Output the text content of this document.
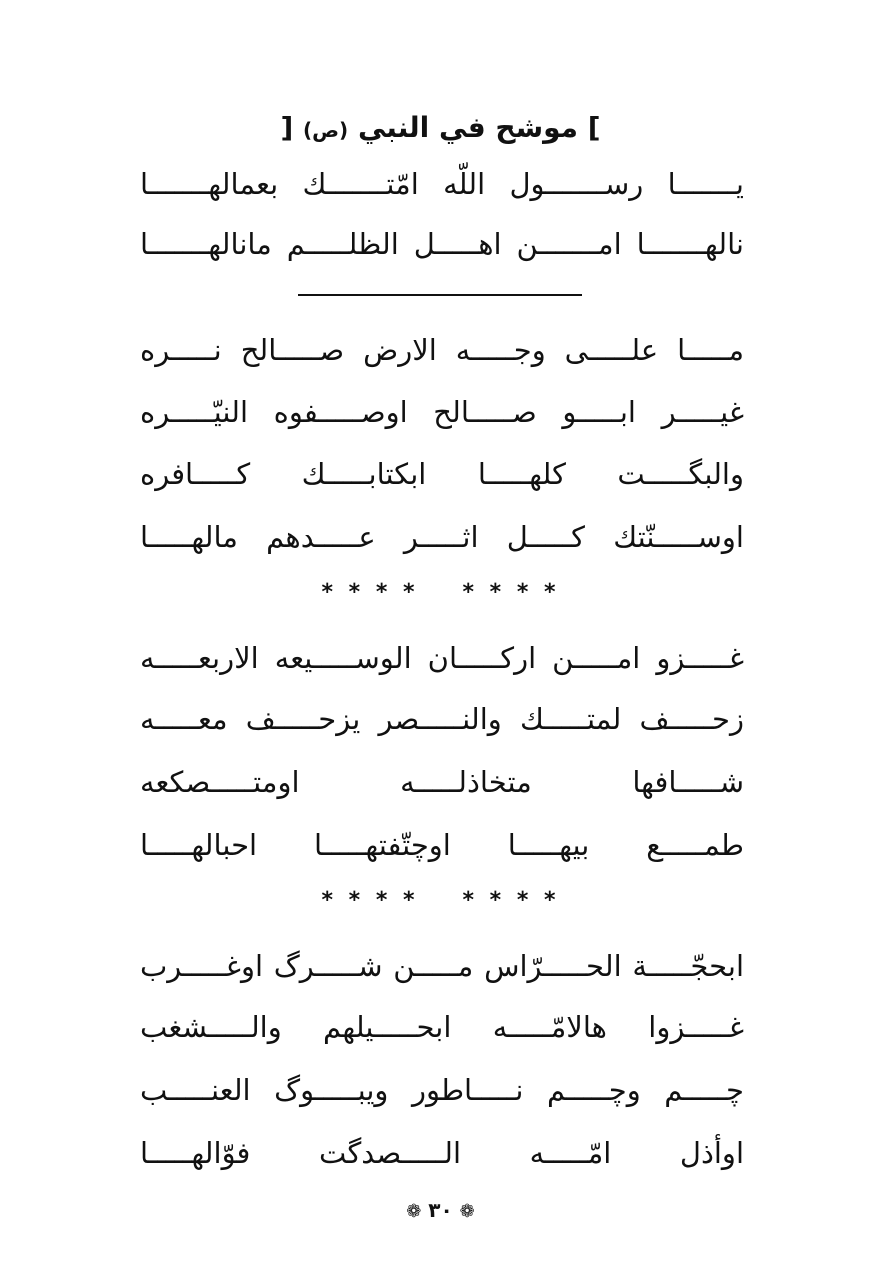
] موشح في النبي (ص) [
يـــــــا رســـــــول اللّه امّتـــــــك بعمالهـــــــا
نالهـــــــا امـــــــن اهـــــل الظلـــــم مانالهـــــــا
مـــــا علـــــى وجـــــه الارض صـــــالح نـــــره
غيـــــر ابـــــو صـــــالح اوصـــــفوه النيّـــــره
والبگـــــت كلهـــــا ابكتابـــــك كـــــافره
اوســـــنّتك كـــــل اثـــــر عـــــدهم مالهـــــا
* * * * * * * *
غـــــزو امـــــن اركـــــان الوســـــيعه الاربعـــــه
زحـــــف لمتـــــك والنـــــصر يزحـــــف معـــــه
شـــــافها متخاذلـــــه اومتـــــصكعه
طمـــــع بيهـــــا اوچتّفتهـــــا احبالهـــــا
* * * * * * * *
ابحجّـــــة الحـــــرّاس مـــــن شـــــرگ اوغـــــرب
غـــــزوا هالامّـــــه ابحـــــيلهم والـــــشغب
چـــــم وچـــــم نـــــاطور ويبـــــوگ العنـــــب
اوأذل امّـــــه الـــــصدگت فوّالهـــــا
❁ ٣٠ ❁
